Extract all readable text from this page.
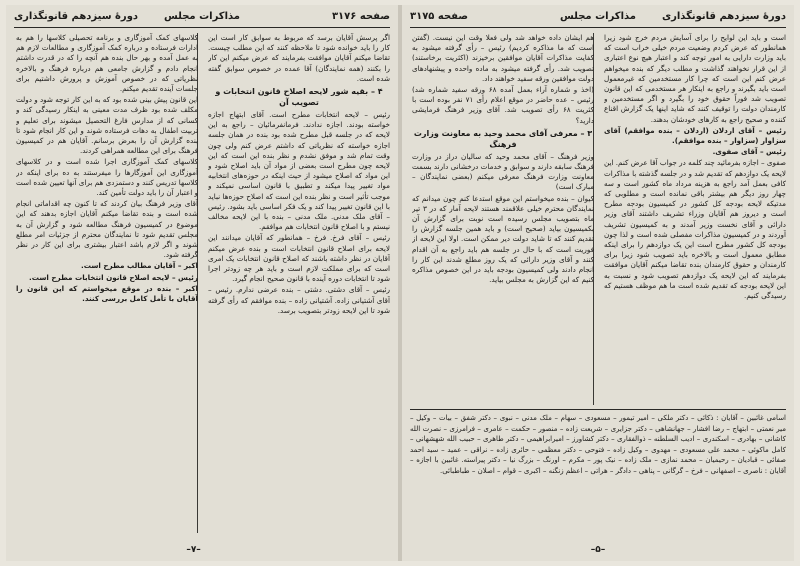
صفحه ۳۱۷۶
مذاکرات مجلس
دورهٔ سیزدهم قانونگذاری

اگر پرسش آقایان برسد که مربوط به سوابق کار است این کار را باید خوانده شود تا ملاحظه کنند که این مطلب چیست. تقاضا میکنم آقایان موافقت بفرمایند که عرض میکنم این کار را بکنند (همه نمایندگان) آقا عمده در خصوص سوابق گفته شده است.

۴ – بقیه شور لایحه اصلاح قانون انتخابات و تصویب آن

رئیس – لایحه انتخابات مطرح است. آقای ابتهاج اجازه خواسته بودند. اجازه ندادند. فرمانفرمائیان – راجع به این لایحه که در جلسه قبل مطرح شده بود بنده در همان جلسه اجازه خواسته که نظریاتی که داشتم عرض کنم ولی چون وقت تمام شد و موفق نشدم و نظر بنده این است که این لایحه چون مطرح است بعضی از مواد آن باید اصلاح شود و این مواد که اصلاح میشود از حیث اینکه در حوزه‌های انتخابیه مواد تغییر پیدا میکند و تطبیق با قانون اساسی نمیکند و موجب تأثیر است و نظر بنده این است که اصلاح حوزه‌ها نباید با این قانون تغییر پیدا کند و یک فکر اساسی باید بشود. رئیس – آقای ملک مدنی. ملک مدنی – بنده با این لایحه مخالف نیستم و با اصلاح قانون انتخابات هم موافقم.

رئیس – آقای فرخ. فرخ – همانطور که آقایان میدانند این لایحه برای اصلاح قانون انتخابات است و بنده عرض میکنم آقایان در نظر داشته باشند که اصلاح قانون انتخابات یک امری است که برای مملکت لازم است و باید هر چه زودتر اجرا شود تا انتخابات دوره آینده با قانون صحیح انجام گیرد.

رئیس – آقای دشتی. دشتی – بنده عرضی ندارم. رئیس – آقای آشتیانی زاده. آشتیانی زاده – بنده موافقم که رأی گرفته شود تا این لایحه زودتر بتصویب برسد.

کلاسهای کمک آموزگاری و برنامه تحصیلی کلاسها را هم به ادارات فرستاده و درباره کمک آموزگاری و مطالعات لازم هم به عمل آمده و بهر حال بنده هم آنچه را که در قدرت داشتم انجام دادم و گزارش جامعی هم درباره فرهنگ و بالاخره نظریاتی که در خصوص آموزش و پرورش داشتیم برای جلسات آینده تقدیم میکنم.

این قانون پیش بینی شده بود که به این کار توجه شود و دولت مکلف شده بود ظرف مدت معینی به اینکار رسیدگی کند و کسانی که از مدارس فارغ التحصیل میشوند برای تعلیم و تربیت اطفال به دهات فرستاده شوند و این کار انجام شود تا بنده گزارش آن را بعرض برسانم. آقایان هم در کمیسیون فرهنگ برای این مطالعه همراهی کردند.

کلاسهای کمک آموزگاری اجرا شده است و در کلاسهای آموزگاری این آموزگارها را میفرستند به ده برای اینکه در کلاسها تدریس کنند و دستمزدی هم برای آنها تعیین شده است و اعتبار آن را باید دولت تأمین کند.

آقای وزیر فرهنگ بیان کردند که تا کنون چه اقداماتی انجام شده است و بنده تقاضا میکنم آقایان اجازه بدهند که این موضوع در کمیسیون فرهنگ مطالعه شود و گزارش آن به مجلس تقدیم شود تا نمایندگان محترم از جزئیات امر مطلع شوند و اگر لازم باشد اعتبار بیشتری برای این کار در نظر گرفته شود.

اکبر – آقایان مطالب مطرح است.

رئیس – لایحه اصلاح قانون انتخابات مطرح است.

اکبر – بنده در موقع میخواستم که این قانون را آقایان با تأمل کامل بررسی کنند.

–۷–
دورهٔ سیزدهم قانونگذاری
مذاکرات مجلس
صفحه ۳۱۷۵

است و باید این لوایح را برای آسایش مردم خرج شود زیرا همانطور که عرض کردم وضعیت مردم خیلی خراب است که باید وزارت دارایی به امور توجه کند و اعتبار هیچ نوع اعتباری از این قرار نخواهند گذاشت و مطلب دیگر که بنده میخواهم عرض کنم این است که چرا کار مستخدمین که غیرمعمول است باید بگیرند و راجع به اینکار هر مستخدمی که این قانون تصویب شد فوراً حقوق خود را بگیرد و اگر مستخدمین و کارمندان دولت را توقیف کنند که شاید اینها یک گزارش اقناع کننده و صحیح راجع به کارهای خودشان بدهند.

رئیس – آقای اردلان (اردلان – بنده موافقم) آقای سزاوار (سزاوار – بنده موافقم).

رئیس – آقای صفوی.

صفوی – اجازه بفرمائید چند کلمه در جواب آقا عرض کنم. این لایحه یک دوازدهم که تقدیم شد و در جلسه گذشته با مذاکرات کافی بعمل آمد راجع به هزینه مرداد ماه کشور است و سه چهار روز دیگر هم بیشتر باقی نمانده است و مطلوبی که مدتیکه لایحه بودجه کل کشور در کمیسیون بودجه مطرح است و دیروز هم آقایان وزراء تشریف داشتند آقای وزیر دارائی و آقای نخست وزیر آمدند و به کمیسیون تشریف آوردند و در کمیسیون مذاکرات مفصلی شده است و لذا چون بودجه کل کشور مطرح است این یک دوازدهم را برای اینکه مطابق معمول است و بالاخره باید تصویب شود زیرا برای کارمندان و حقوق کارمندان بنده تقاضا میکنم آقایان موافقت بفرمایند که این لایحه یک دوازدهم تصویب شود و نسبت به این لایحه بودجه که تقدیم شده است ما هم موظف هستیم که رسیدگی کنیم.

هم ایشان داده خواهد شد ولی فعلا وقت این نیست. (گفتن است که ما مذاکره کردیم) رئیس – رأی گرفته میشود به کفایت مذاکرات آقایان موافقین برخیزند (اکثریت برخاستند) تصویب شد. رأی گرفته میشود به ماده واحده و پیشنهادهای دولت موافقین ورقه سفید خواهند داد.

(اخذ و شماره آراء بعمل آمده ۶۸ ورقه سفید شماره شد) رئیس – عده حاضر در موقع اعلام رأی ۷۱ نفر بوده است با کثریت ۶۸ رأی تصویب شد. آقای وزیر فرهنگ فرمایشی دارید؟

۳ – معرفی آقای محمد وحید به معاونت وزارت فرهنگ

وزیر فرهنگ – آقای محمد وحید که سالیان دراز در وزارت فرهنگ سابقه دارند و سوابق و خدمات درخشانی دارند بسمت معاونت وزارت فرهنگ معرفی میکنم (بعضی نمایندگان – مبارک است)

کیوان – بنده میخواستم این موقع استدعا کنم چون میدانم که نمایندگان محترم خیلی علاقمند هستند لایحه آمار که در ۳ تیر ماه بتصویب مجلس رسیده است نوبت برای گزارش آن بکمیسیون بیاید (صحیح است) و باید همین جلسه گزارش را تقدیم کنند که تا شاید دولت دیر ممکن است. اولا این لایحه از فوریت است که با حال در جلسه هم باید راجع به آن اقدام کنند و آقای وزیر دارائی که یک روز مطلع شدند این کار را انجام دادند ولی کمیسیون بودجه باید در این خصوص مذاکره کنیم که این گزارش به مجلس بیاید.

اسامی غائبین – آقایان : ذکائی – دکتر ملکی – امیر تیمور – مسعودی – سهام – ملک مدنی – نبوی – دکتر شفق – بیات – وکیل – میر نعمتی – ابتهاج – رضا افشار – جهانشاهی – دکتر جزایری – شریعت زاده – منصور – حکمت – عامری – فرامرزی – نصرت الله کاشانی – بهادری – اسکندری – ادیب السلطنه – ذوالفقاری – دکتر کشاورز – امیرابراهیمی – دکتر طاهری – حبیب الله شهشهانی – کامل ماکوئی – محمد علی مسعودی – مهدوی – وکیل زاده – فتوحی – دکتر معظمی – حائری زاده – نراقی – عمید – سید احمد صفائی – قبادیان – رحیمیان – محمد نمازی – ملک زاده – نیک پور – مکرم – اورنگ – بزرگ نیا – دکتر پیراسته. غائبین با اجازه – آقایان : ناصری – اصفهانی – فرخ – گرگانی – پناهی – دادگر – هراتی – اعظم زنگنه – اکبری – قوام – اصلان – طباطبائی.
–۵–
